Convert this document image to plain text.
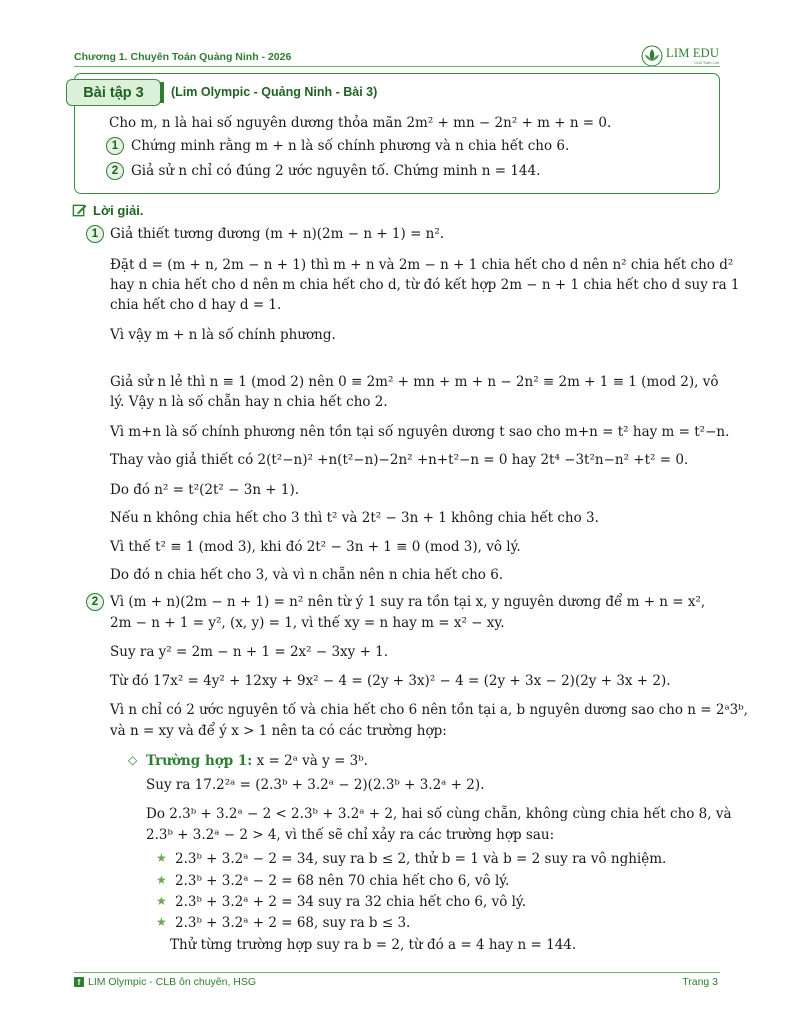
Chương 1. Chuyên Toán Quảng Ninh - 2026	LIM EDU
CLB Toán Lim
Bài tập 3	(Lim Olympic - Quảng Ninh - Bài 3)
Cho m, n là hai số nguyên dương thỏa mãn 2m² + mn − 2n² + m + n = 0.
1 Chứng minh rằng m + n là số chính phương và n chia hết cho 6.
2 Giả sử n chỉ có đúng 2 ước nguyên tố. Chứng minh n = 144.
Lời giải.
1 Giả thiết tương đương (m + n)(2m − n + 1) = n².
Đặt d = (m + n, 2m − n + 1) thì m + n và 2m − n + 1 chia hết cho d nên n² chia hết cho d²
hay n chia hết cho d nên m chia hết cho d, từ đó kết hợp 2m − n + 1 chia hết cho d suy ra 1
chia hết cho d hay d = 1.
Vì vậy m + n là số chính phương.
Giả sử n lẻ thì n ≡ 1 (mod 2) nên 0 ≡ 2m² + mn + m + n − 2n² ≡ 2m + 1 ≡ 1 (mod 2), vô
lý. Vậy n là số chẵn hay n chia hết cho 2.
Vì m+n là số chính phương nên tồn tại số nguyên dương t sao cho m+n = t² hay m = t²−n.
Thay vào giả thiết có 2(t²−n)² +n(t²−n)−2n² +n+t²−n = 0 hay 2t⁴ −3t²n−n² +t² = 0.
Do đó n² = t²(2t² − 3n + 1).
Nếu n không chia hết cho 3 thì t² và 2t² − 3n + 1 không chia hết cho 3.
Vì thế t² ≡ 1 (mod 3), khi đó 2t² − 3n + 1 ≡ 0 (mod 3), vô lý.
Do đó n chia hết cho 3, và vì n chẵn nên n chia hết cho 6.
2 Vì (m + n)(2m − n + 1) = n² nên từ ý 1 suy ra tồn tại x, y nguyên dương để m + n = x²,
2m − n + 1 = y², (x, y) = 1, vì thế xy = n hay m = x² − xy.
Suy ra y² = 2m − n + 1 = 2x² − 3xy + 1.
Từ đó 17x² = 4y² + 12xy + 9x² − 4 = (2y + 3x)² − 4 = (2y + 3x − 2)(2y + 3x + 2).
Vì n chỉ có 2 ước nguyên tố và chia hết cho 6 nên tồn tại a, b nguyên dương sao cho n = 2ᵃ3ᵇ,
và n = xy và để ý x > 1 nên ta có các trường hợp:
◇ Trường hợp 1: x = 2ᵃ và y = 3ᵇ.
Suy ra 17.2²ᵃ = (2.3ᵇ + 3.2ᵃ − 2)(2.3ᵇ + 3.2ᵃ + 2).
Do 2.3ᵇ + 3.2ᵃ − 2 < 2.3ᵇ + 3.2ᵃ + 2, hai số cùng chẵn, không cùng chia hết cho 8, và
2.3ᵇ + 3.2ᵃ − 2 > 4, vì thế sẽ chỉ xảy ra các trường hợp sau:
★ 2.3ᵇ + 3.2ᵃ − 2 = 34, suy ra b ≤ 2, thử b = 1 và b = 2 suy ra vô nghiệm.
★ 2.3ᵇ + 3.2ᵃ − 2 = 68 nên 70 chia hết cho 6, vô lý.
★ 2.3ᵇ + 3.2ᵃ + 2 = 34 suy ra 32 chia hết cho 6, vô lý.
★ 2.3ᵇ + 3.2ᵃ + 2 = 68, suy ra b ≤ 3.
Thử từng trường hợp suy ra b = 2, từ đó a = 4 hay n = 144.
f LIM Olympic - CLB ôn chuyên, HSG	Trang 3
